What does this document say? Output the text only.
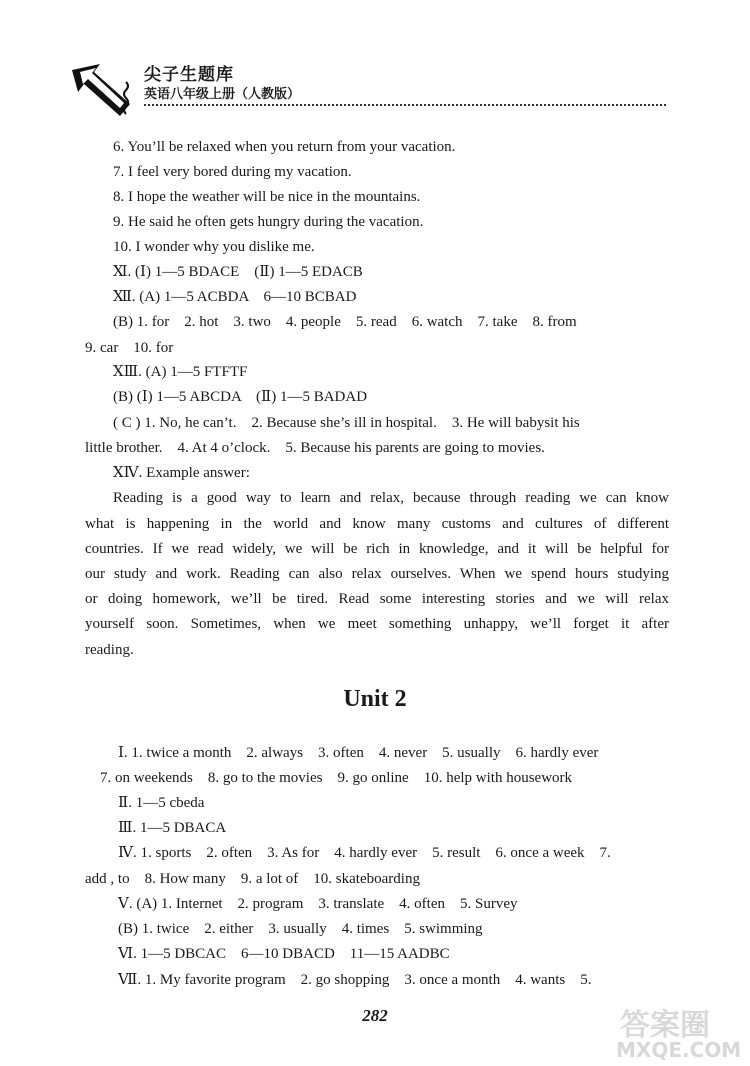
尖子生题库
英语八年级上册（人教版）
6. You’ll be relaxed when you return from your vacation.
7. I feel very bored during my vacation.
8. I hope the weather will be nice in the mountains.
9. He said he often gets hungry during the vacation.
10. I wonder why you dislike me.
Ⅺ. (Ⅰ) 1—5 BDACE　(Ⅱ) 1—5 EDACB
Ⅻ. (A) 1—5 ACBDA　6—10 BCBAD
(B) 1. for　2. hot　3. two　4. people　5. read　6. watch　7. take　8. from
9. car　10. for
ⅩⅢ. (A) 1—5 FTFTF
(B) (Ⅰ) 1—5 ABCDA　(Ⅱ) 1—5 BADAD
( C ) 1. No, he can’t.　2. Because she’s ill in hospital.　3. He will babysit his
little brother.　4. At 4 o’clock.　5. Because his parents are going to movies.
ⅩⅣ. Example answer:
Reading is a good way to learn and relax, because through reading we can know
what is happening in the world and know many customs and cultures of different
countries. If we read widely, we will be rich in knowledge, and it will be helpful for
our study and work. Reading can also relax ourselves. When we spend hours studying
or doing homework, we’ll be tired. Read some interesting stories and we will relax
yourself soon. Sometimes, when we meet something unhappy, we’ll forget it after
reading.
Unit 2
Ⅰ. 1. twice a month　2. always　3. often　4. never　5. usually　6. hardly ever
7. on weekends　8. go to the movies　9. go online　10. help with housework
Ⅱ. 1—5 cbeda
Ⅲ. 1—5 DBACA
Ⅳ. 1. sports　2. often　3. As for　4. hardly ever　5. result　6. once a week　7.
add , to　8. How many　9. a lot of　10. skateboarding
Ⅴ. (A) 1. Internet　2. program　3. translate　4. often　5. Survey
(B) 1. twice　2. either　3. usually　4. times　5. swimming
Ⅵ. 1—5 DBCAC　6—10 DBACD　11—15 AADBC
Ⅶ. 1. My favorite program　2. go shopping　3. once a month　4. wants　5.
282	答案圈
MXQE.COM
